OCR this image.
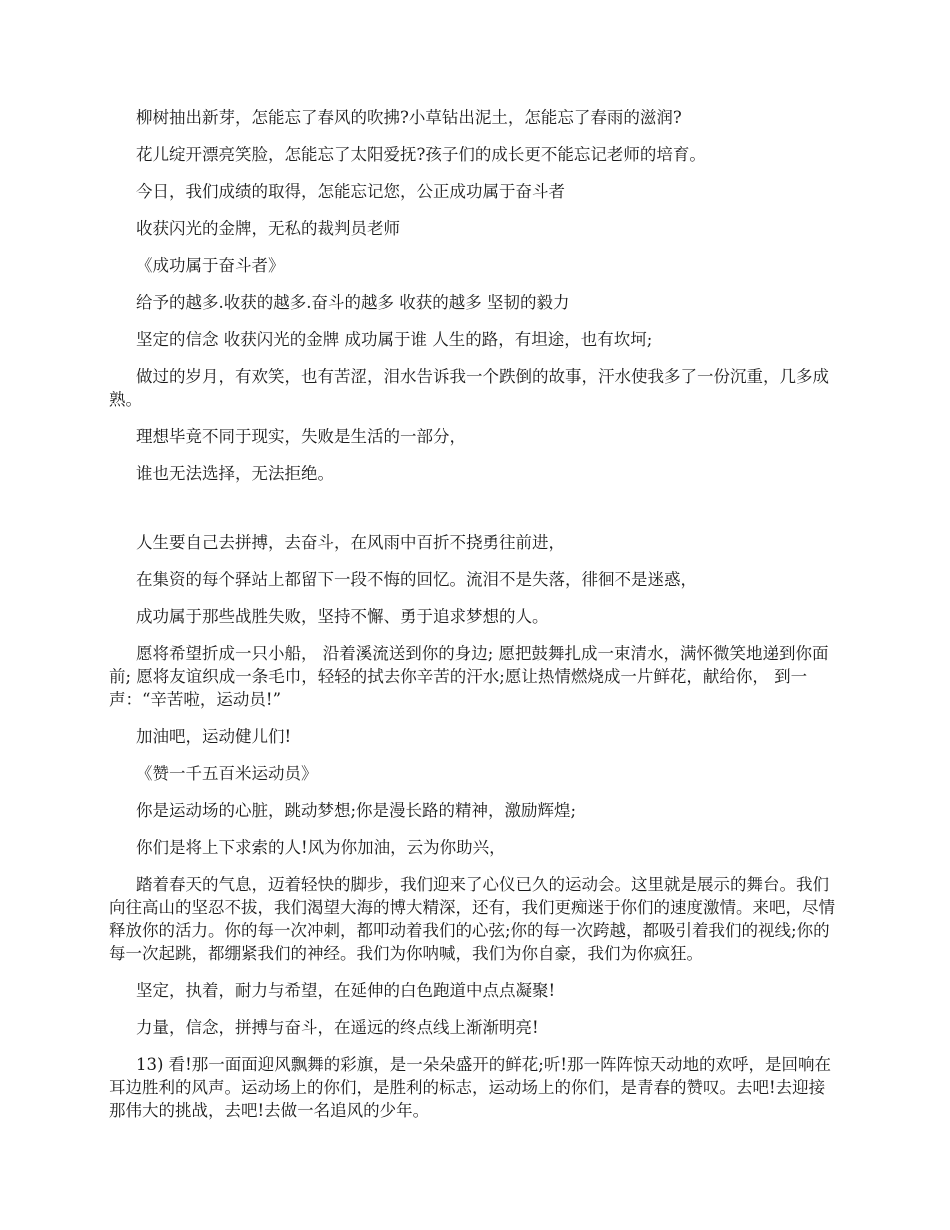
柳树抽出新芽，怎能忘了春风的吹拂?小草钻出泥土，怎能忘了春雨的滋润?

花儿绽开漂亮笑脸，怎能忘了太阳爱抚?孩子们的成长更不能忘记老师的培育。

今日，我们成绩的取得，怎能忘记您，公正成功属于奋斗者

收获闪光的金牌，无私的裁判员老师

《成功属于奋斗者》

给予的越多.收获的越多.奋斗的越多 收获的越多 坚韧的毅力

坚定的信念 收获闪光的金牌 成功属于谁 人生的路，有坦途，也有坎坷;

做过的岁月，有欢笑，也有苦涩，泪水告诉我一个跌倒的故事，汗水使我多了一份沉重，几多成熟。

理想毕竟不同于现实，失败是生活的一部分，

谁也无法选择，无法拒绝。

人生要自己去拼搏，去奋斗，在风雨中百折不挠勇往前进，

在集资的每个驿站上都留下一段不悔的回忆。流泪不是失落，徘徊不是迷惑，

成功属于那些战胜失败，坚持不懈、勇于追求梦想的人。

愿将希望折成一只小船， 沿着溪流送到你的身边; 愿把鼓舞扎成一束清水，满怀微笑地递到你面前; 愿将友谊织成一条毛巾，轻轻的拭去你辛苦的汗水;愿让热情燃烧成一片鲜花，献给你， 到一声：“辛苦啦，运动员!”

加油吧，运动健儿们!

《赞一千五百米运动员》

你是运动场的心脏，跳动梦想;你是漫长路的精神，激励辉煌;

你们是将上下求索的人!风为你加油，云为你助兴，

踏着春天的气息，迈着轻快的脚步，我们迎来了心仪已久的运动会。这里就是展示的舞台。我们向往高山的坚忍不拔，我们渴望大海的博大精深，还有，我们更痴迷于你们的速度激情。来吧，尽情释放你的活力。你的每一次冲刺，都叩动着我们的心弦;你的每一次跨越，都吸引着我们的视线;你的每一次起跳，都绷紧我们的神经。我们为你呐喊，我们为你自豪，我们为你疯狂。

坚定，执着，耐力与希望，在延伸的白色跑道中点点凝聚!

力量，信念，拼搏与奋斗，在遥远的终点线上渐渐明亮!

13) 看!那一面面迎风飘舞的彩旗，是一朵朵盛开的鲜花;听!那一阵阵惊天动地的欢呼，是回响在耳边胜利的风声。运动场上的你们，是胜利的标志，运动场上的你们，是青春的赞叹。去吧!去迎接那伟大的挑战，去吧!去做一名追风的少年。
